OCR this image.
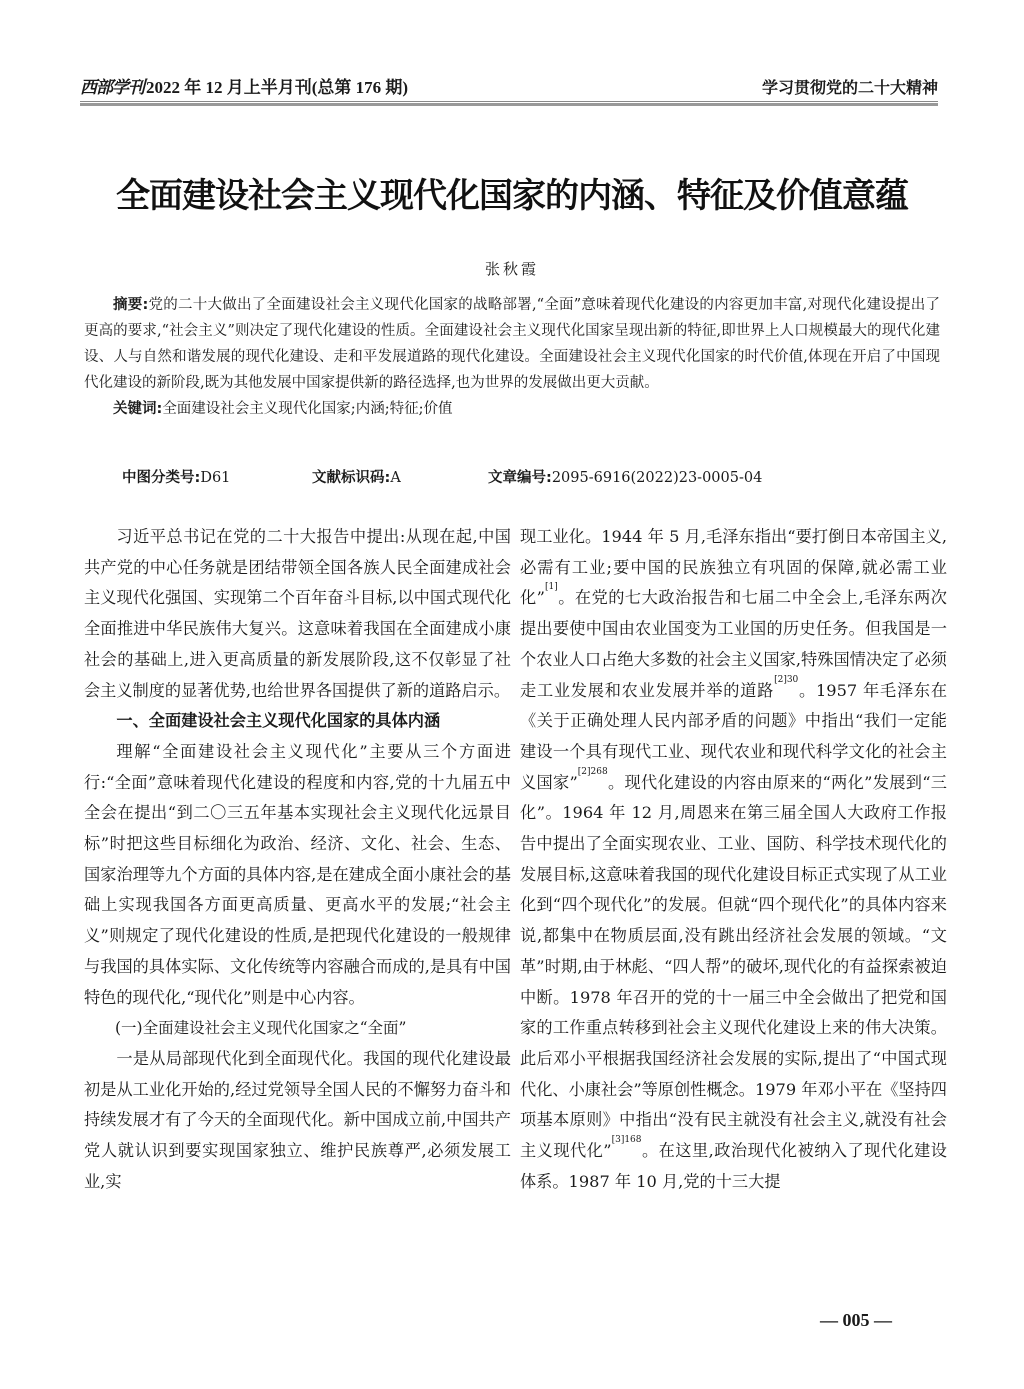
西部学刊 2022 年 12 月上半月刊(总第 176 期)	学习贯彻党的二十大精神
全面建设社会主义现代化国家的内涵、特征及价值意蕴
张秋霞

摘要:党的二十大做出了全面建设社会主义现代化国家的战略部署,“全面”意味着现代化建设的内容更加丰富,对现代化建设提出了更高的要求,“社会主义”则决定了现代化建设的性质。全面建设社会主义现代化国家呈现出新的特征,即世界上人口规模最大的现代化建设、人与自然和谐发展的现代化建设、走和平发展道路的现代化建设。全面建设社会主义现代化国家的时代价值,体现在开启了中国现代化建设的新阶段,既为其他发展中国家提供新的路径选择,也为世界的发展做出更大贡献。

关键词:全面建设社会主义现代化国家;内涵;特征;价值

中图分类号:D61	文献标识码:A	文章编号:2095-6916(2022)23-0005-04

习近平总书记在党的二十大报告中提出:从现在起,中国共产党的中心任务就是团结带领全国各族人民全面建成社会主义现代化强国、实现第二个百年奋斗目标,以中国式现代化全面推进中华民族伟大复兴。这意味着我国在全面建成小康社会的基础上,进入更高质量的新发展阶段,这不仅彰显了社会主义制度的显著优势,也给世界各国提供了新的道路启示。

一、全面建设社会主义现代化国家的具体内涵

理解“全面建设社会主义现代化”主要从三个方面进行:“全面”意味着现代化建设的程度和内容,党的十九届五中全会在提出“到二〇三五年基本实现社会主义现代化远景目标”时把这些目标细化为政治、经济、文化、社会、生态、国家治理等九个方面的具体内容,是在建成全面小康社会的基础上实现我国各方面更高质量、更高水平的发展;“社会主义”则规定了现代化建设的性质,是把现代化建设的一般规律与我国的具体实际、文化传统等内容融合而成的,是具有中国特色的现代化,“现代化”则是中心内容。

(一)全面建设社会主义现代化国家之“全面”

一是从局部现代化到全面现代化。我国的现代化建设最初是从工业化开始的,经过党领导全国人民的不懈努力奋斗和持续发展才有了今天的全面现代化。新中国成立前,中国共产党人就认识到要实现国家独立、维护民族尊严,必须发展工业,实

现工业化。1944 年 5 月,毛泽东指出“要打倒日本帝国主义,必需有工业;要中国的民族独立有巩固的保障,就必需工业化”[1]。在党的七大政治报告和七届二中全会上,毛泽东两次提出要使中国由农业国变为工业国的历史任务。但我国是一个农业人口占绝大多数的社会主义国家,特殊国情决定了必须走工业发展和农业发展并举的道路$^{[2]30}$。1957 年毛泽东在《关于正确处理人民内部矛盾的问题》中指出“我们一定能建设一个具有现代工业、现代农业和现代科学文化的社会主义国家”$^{[2]268}$。现代化建设的内容由原来的“两化”发展到“三化”。1964 年 12 月,周恩来在第三届全国人大政府工作报告中提出了全面实现农业、工业、国防、科学技术现代化的发展目标,这意味着我国的现代化建设目标正式实现了从工业化到“四个现代化”的发展。但就“四个现代化”的具体内容来说,都集中在物质层面,没有跳出经济社会发展的领域。“文革”时期,由于林彪、“四人帮”的破坏,现代化的有益探索被迫中断。1978 年召开的党的十一届三中全会做出了把党和国家的工作重点转移到社会主义现代化建设上来的伟大决策。此后邓小平根据我国经济社会发展的实际,提出了“中国式现代化、小康社会”等原创性概念。1979 年邓小平在《坚持四项基本原则》中指出“没有民主就没有社会主义,就没有社会主义现代化”$^{[3]168}$。在这里,政治现代化被纳入了现代化建设体系。1987 年 10 月,党的十三大提

— 005 —
